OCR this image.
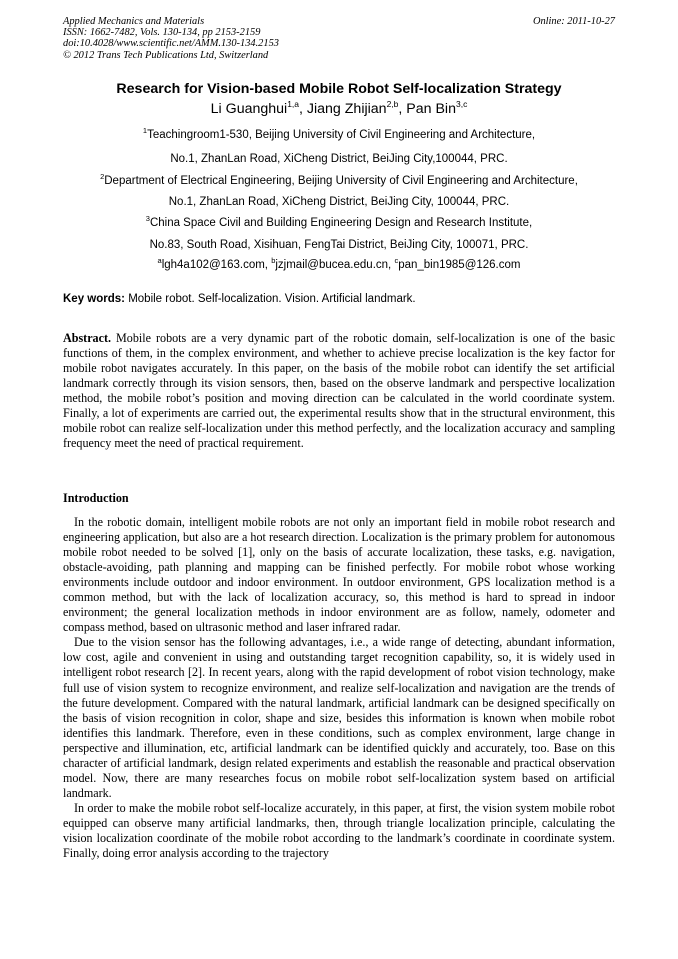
Applied Mechanics and Materials
ISSN: 1662-7482, Vols. 130-134, pp 2153-2159
doi:10.4028/www.scientific.net/AMM.130-134.2153
© 2012 Trans Tech Publications Ltd, Switzerland
Online: 2011-10-27
Research for Vision-based Mobile Robot Self-localization Strategy
Li Guanghui$^{1,a}$, Jiang Zhijian$^{2,b}$, Pan Bin$^{3,c}$
$^1$Teachingroom1-530, Beijing University of Civil Engineering and Architecture,
No.1, ZhanLan Road, XiCheng District, BeiJing City,100044, PRC.
$^2$Department of Electrical Engineering, Beijing University of Civil Engineering and Architecture,
No.1, ZhanLan Road, XiCheng District, BeiJing City, 100044, PRC.
$^3$China Space Civil and Building Engineering Design and Research Institute,
No.83, South Road, Xisihuan, FengTai District, BeiJing City, 100071, PRC.
$^a$lgh4a102@163.com, $^b$jzjmail@bucea.edu.cn, $^c$pan_bin1985@126.com
Key words: Mobile robot. Self-localization. Vision. Artificial landmark.

Abstract. Mobile robots are a very dynamic part of the robotic domain, self-localization is one of the basic functions of them, in the complex environment, and whether to achieve precise localization is the key factor for mobile robot navigates accurately. In this paper, on the basis of the mobile robot can identify the set artificial landmark correctly through its vision sensors, then, based on the observe landmark and perspective localization method, the mobile robot’s position and moving direction can be calculated in the world coordinate system. Finally, a lot of experiments are carried out, the experimental results show that in the structural environment, this mobile robot can realize self-localization under this method perfectly, and the localization accuracy and sampling frequency meet the need of practical requirement.

Introduction

In the robotic domain, intelligent mobile robots are not only an important field in mobile robot research and engineering application, but also are a hot research direction. Localization is the primary problem for autonomous mobile robot needed to be solved [1], only on the basis of accurate localization, these tasks, e.g. navigation, obstacle-avoiding, path planning and mapping can be finished perfectly. For mobile robot whose working environments include outdoor and indoor environment. In outdoor environment, GPS localization method is a common method, but with the lack of localization accuracy, so, this method is hard to spread in indoor environment; the general localization methods in indoor environment are as follow, namely, odometer and compass method, based on ultrasonic method and laser infrared radar.

Due to the vision sensor has the following advantages, i.e., a wide range of detecting, abundant information, low cost, agile and convenient in using and outstanding target recognition capability, so, it is widely used in intelligent robot research [2]. In recent years, along with the rapid development of robot vision technology, make full use of vision system to recognize environment, and realize self-localization and navigation are the trends of the future development. Compared with the natural landmark, artificial landmark can be designed specifically on the basis of vision recognition in color, shape and size, besides this information is known when mobile robot identifies this landmark. Therefore, even in these conditions, such as complex environment, large change in perspective and illumination, etc, artificial landmark can be identified quickly and accurately, too. Base on this character of artificial landmark, design related experiments and establish the reasonable and practical observation model. Now, there are many researches focus on mobile robot self-localization system based on artificial landmark.

In order to make the mobile robot self-localize accurately, in this paper, at first, the vision system mobile robot equipped can observe many artificial landmarks, then, through triangle localization principle, calculating the vision localization coordinate of the mobile robot according to the landmark’s coordinate in coordinate system. Finally, doing error analysis according to the trajectory
